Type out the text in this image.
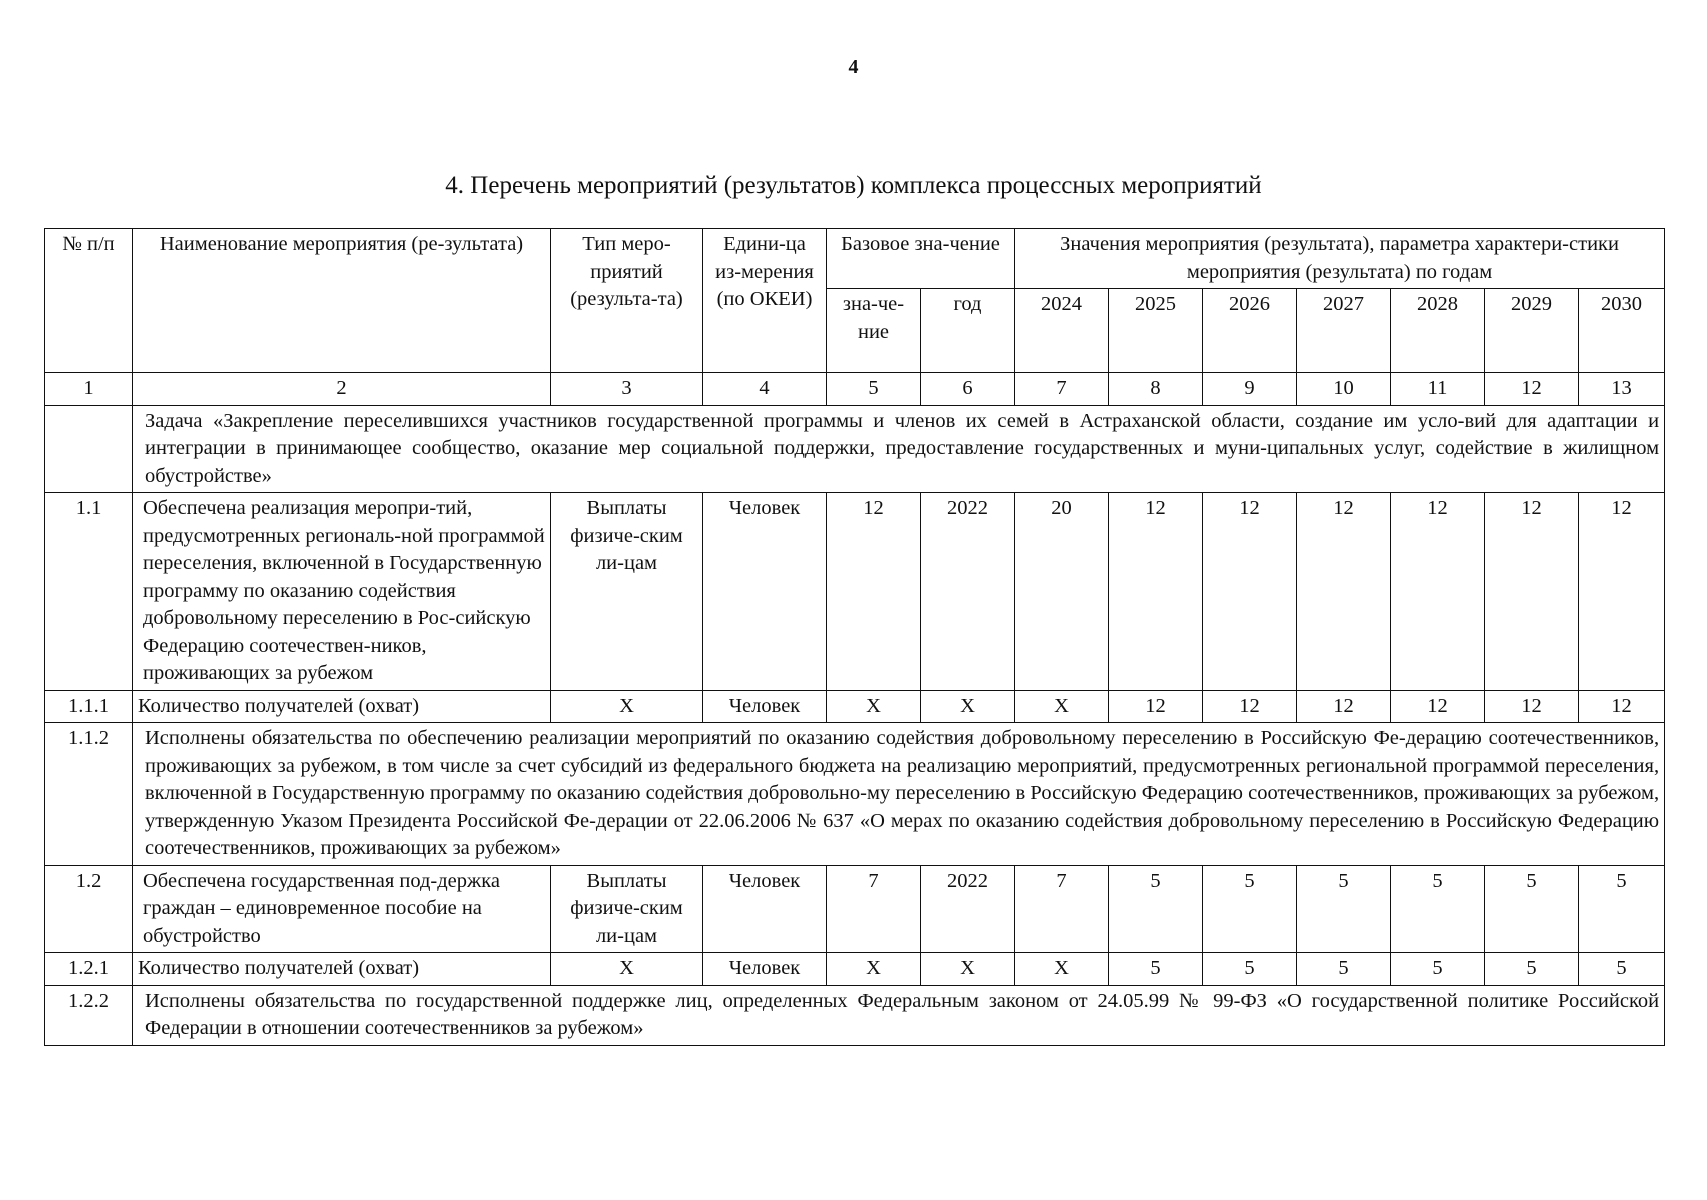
4
4. Перечень мероприятий (результатов) комплекса процессных мероприятий
№ п/п	Наименование мероприятия (ре-зультата)	Тип меро-приятий (результа-та)	Едини-ца из-мерения (по ОКЕИ)	Базовое зна-чение		Значения мероприятия (результата), параметра характери-стики мероприятия (результата) по годам						
				зна-че-ние	год	2024	2025	2026	2027	2028	2029	2030
1	2	3	4	5	6	7	8	9	10	11	12	13
	Задача «Закрепление переселившихся участников государственной программы и членов их семей в Астраханской области, создание им усло-вий для адаптации и интеграции в принимающее сообщество, оказание мер социальной поддержки, предоставление государственных и муни-ципальных услуг, содействие в жилищном обустройстве»											
1.1	Обеспечена реализация меропри-тий, предусмотренных региональ-ной программой переселения, включенной в Государственную программу по оказанию содействия добровольному переселению в Рос-сийскую Федерацию соотечествен-ников, проживающих за рубежом	Выплаты физиче-ским ли-цам	Человек	12	2022	20	12	12	12	12	12	12
1.1.1	Количество получателей (охват)	X	Человек	X	X	X	12	12	12	12	12	12
1.1.2	Исполнены обязательства по обеспечению реализации мероприятий по оказанию содействия добровольному переселению в Российскую Фе-дерацию соотечественников, проживающих за рубежом, в том числе за счет субсидий из федерального бюджета на реализацию мероприятий, предусмотренных региональной программой переселения, включенной в Государственную программу по оказанию содействия добровольно-му переселению в Российскую Федерацию соотечественников, проживающих за рубежом, утвержденную Указом Президента Российской Фе-дерации от 22.06.2006 № 637 «О мерах по оказанию содействия добровольному переселению в Российскую Федерацию соотечественников, проживающих за рубежом»											
1.2	Обеспечена государственная под-держка граждан – единовременное пособие на обустройство	Выплаты физиче-ским ли-цам	Человек	7	2022	7	5	5	5	5	5	5
1.2.1	Количество получателей (охват)	X	Человек	X	X	X	5	5	5	5	5	5
1.2.2	Исполнены обязательства по государственной поддержке лиц, определенных Федеральным законом от 24.05.99 № 99-ФЗ «О государственной политике Российской Федерации в отношении соотечественников за рубежом»											
